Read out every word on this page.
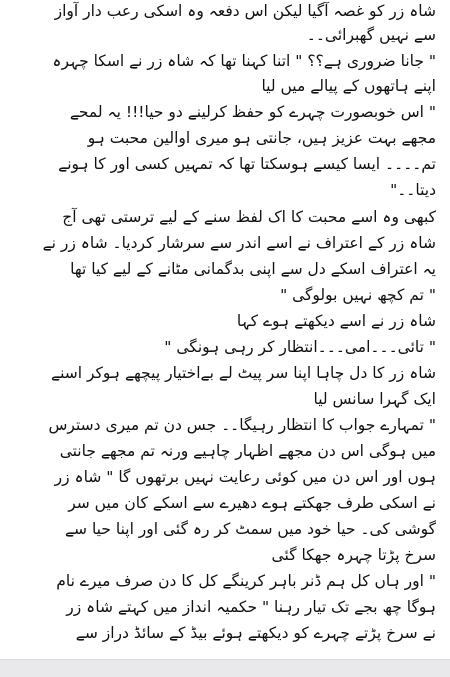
شاہ زر کو غصہ آگیا لیکن اس دفعہ وہ اسکی رعب دار آواز
سے نہیں گھبرائی۔۔
" جانا ضروری ہے؟؟ " اتنا کہنا تھا کہ شاہ زر نے اسکا چہرہ
اپنے ہاتھوں کے پیالے میں لیا
" اس خوبصورت چہرے کو حفظ کرلینے دو حیا!!! یہ لمحے
مجھے بہت عزیز ہیں، جانتی ہو میری اوالین محبت ہو
تم۔۔۔۔ ایسا کیسے ہوسکتا تھا کہ تمہیں کسی اور کا ہونے
دیتا۔۔"
کبھی وہ اسے محبت کا اک لفظ سنے کے لیے ترستی تھی آج
شاہ زر کے اعتراف نے اسے اندر سے سرشار کردیا۔ شاہ زر نے
یہ اعتراف اسکے دل سے اپنی بدگمانی مٹانے کے لیے کیا تھا
" تم کچھ نہیں بولوگی "
شاہ زر نے اسے دیکھتے ہوے کہا
" تائی۔۔۔امی۔۔۔انتظار کر رہی ہونگی "
شاہ زر کا دل چاہا اپنا سر پیٹ لے بےاختیار پیچھے ہوکر اسنے
ایک گہرا سانس لیا
" تمہارے جواب کا انتظار رہیگا۔۔ جس دن تم میری دسترس
میں ہوگی اس دن مجھے اظہار چاہیے ورنہ تم مجھے جانتی
ہوں اور اس دن میں کوئی رعایت نہیں برتھوں گا " شاہ زر
نے اسکی طرف جھکتے ہوے دھیرے سے اسکے کان میں سر
گوشی کی۔ حیا خود میں سمٹ کر رہ گئی اور اپنا حیا سے
سرخ پڑتا چہرہ جھکا گئی
" اور ہاں کل ہم ڈنر باہر کرینگے کل کا دن صرف میرے نام
ہوگا چھ بجے تک تیار رہنا " حکمیہ انداز میں کہتے شاہ زر
نے سرخ پڑتے چہرے کو دیکھتے ہوئے بیڈ کے سائڈ دراز سے
